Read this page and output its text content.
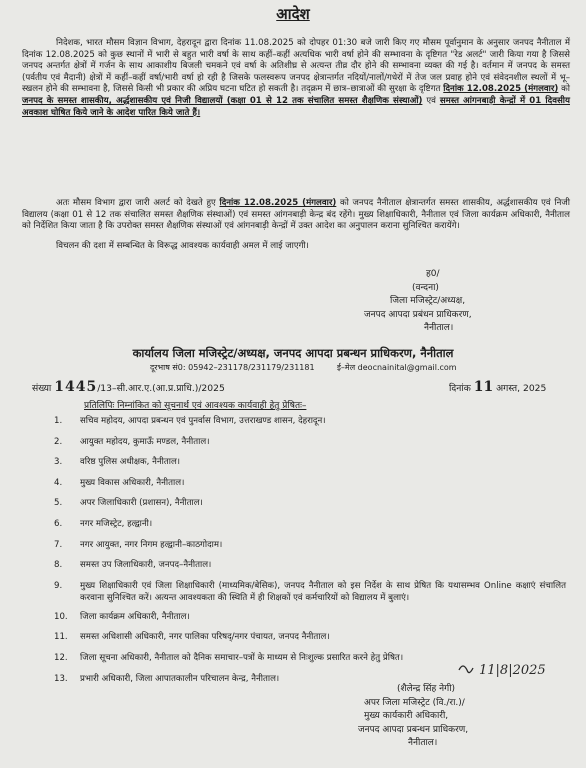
आदेश
निदेशक, भारत मौसम विज्ञान विभाग, देहरादून द्वारा दिनांक 11.08.2025 को दोपहर 01:30 बजे जारी किए गए मौसम पूर्वानुमान के अनुसार जनपद नैनीताल में दिनांक 12.08.2025 को कुछ स्थानों में भारी से बहुत भारी वर्षा के साथ कहीं–कहीं अत्यधिक भारी वर्षा होने की सम्भावना के दृष्टिगत "रेड अलर्ट" जारी किया गया है जिससे जनपद अन्तर्गत क्षेत्रों में गर्जन के साथ आकाशीय बिजली चमकने एवं वर्षा के अतिशीघ्र से अत्यन्त तीव्र दौर होने की सम्भावना व्यक्त की गई है। वर्तमान में जनपद के समस्त (पर्वतीय एवं मैदानी) क्षेत्रों में कहीं–कहीं वर्षा/भारी वर्षा हो रही है जिसके फलस्वरूप जनपद क्षेत्रान्तर्गत नदियों/नालों/गधेरों में तेज जल प्रवाह होने एवं संवेदनशील स्थलों में भू–स्खलन होने की सम्भावना है, जिससे किसी भी प्रकार की अप्रिय घटना घटित हो सकती है। तद्क्रम में छात्र–छात्राओं की सुरक्षा के दृष्टिगत दिनांक 12.08.2025 (मंगलवार) को जनपद के समस्त शासकीय, अर्द्धशासकीय एवं निजी विद्यालयों (कक्षा 01 से 12 तक संचालित समस्त शैक्षणिक संस्थाओं) एवं समस्त आंगनबाड़ी केन्द्रों में 01 दिवसीय अवकाश घोषित किये जाने के आदेश पारित किये जाते हैं।
अतः मौसम विभाग द्वारा जारी अलर्ट को देखते हुए दिनांक 12.08.2025 (मंगलवार) को जनपद नैनीताल क्षेत्रान्तर्गत समस्त शासकीय, अर्द्धशासकीय एवं निजी विद्यालय (कक्षा 01 से 12 तक संचालित समस्त शैक्षणिक संस्थाओं) एवं समस्त आंगनबाड़ी केन्द्र बंद रहेंगे। मुख्य शिक्षाधिकारी, नैनीताल एवं जिला कार्यक्रम अधिकारी, नैनीताल को निर्देशित किया जाता है कि उपरोक्त समस्त शैक्षणिक संस्थाओं एवं आंगनबाड़ी केन्द्रों में उक्त आदेश का अनुपालन कराना सुनिश्चित करायेंगे।
विचलन की दशा में सम्बन्धित के विरूद्ध आवश्यक कार्यवाही अमल में लाई जाएगी।
ह0/
(वन्दना)
जिला मजिस्ट्रेट/अध्यक्ष,
जनपद आपदा प्रबंधन प्राधिकरण,
नैनीताल।
कार्यालय जिला मजिस्ट्रेट/अध्यक्ष, जनपद आपदा प्रबन्धन प्राधिकरण, नैनीताल
दूरभाष सं0: 05942–231178/231179/231181	ई–मेल deocnainital@gmail.com
संख्या 1445/13–सी.आर.ए.(आ.प्र.प्राधि.)/2025	दिनांक 11 अगस्त, 2025
प्रतिलिपिः निम्नांकित को सूचनार्थ एवं आवश्यक कार्यवाही हेतु प्रेषितः–
1. सचिव महोदय, आपदा प्रबन्धन एवं पुनर्वास विभाग, उत्तराखण्ड शासन, देहरादून।
2. आयुक्त महोदय, कुमाऊँ मण्डल, नैनीताल।
3. वरिष्ठ पुलिस अधीक्षक, नैनीताल।
4. मुख्य विकास अधिकारी, नैनीताल।
5. अपर जिलाधिकारी (प्रशासन), नैनीताल।
6. नगर मजिस्ट्रेट, हल्द्वानी।
7. नगर आयुक्त, नगर निगम हल्द्वानी–काठगोदाम।
8. समस्त उप जिलाधिकारी, जनपद–नैनीताल।
9. मुख्य शिक्षाधिकारी एवं जिला शिक्षाधिकारी (माध्यमिक/बेसिक), जनपद नैनीताल को इस निर्देश के साथ प्रेषित कि यथासम्भव Online कक्षाएं संचालित करवाना सुनिश्चित करें। अत्यन्त आवश्यकता की स्थिति में ही शिक्षकों एवं कर्मचारियों को विद्यालय में बुलाएं।
10. जिला कार्यक्रम अधिकारी, नैनीताल।
11. समस्त अधिशासी अधिकारी, नगर पालिका परिषद्/नगर पंचायत, जनपद नैनीताल।
12. जिला सूचना अधिकारी, नैनीताल को दैनिक समाचार–पत्रों के माध्यम से निःशुल्क प्रसारित करने हेतु प्रेषित।
13. प्रभारी अधिकारी, जिला आपातकालीन परिचालन केन्द्र, नैनीताल।
11|8|2025
(शैलेन्द्र सिंह नेगी)
अपर जिला मजिस्ट्रेट (वि./रा.)/
मुख्य कार्यकारी अधिकारी,
जनपद आपदा प्रबन्धन प्राधिकरण,
नैनीताल।
